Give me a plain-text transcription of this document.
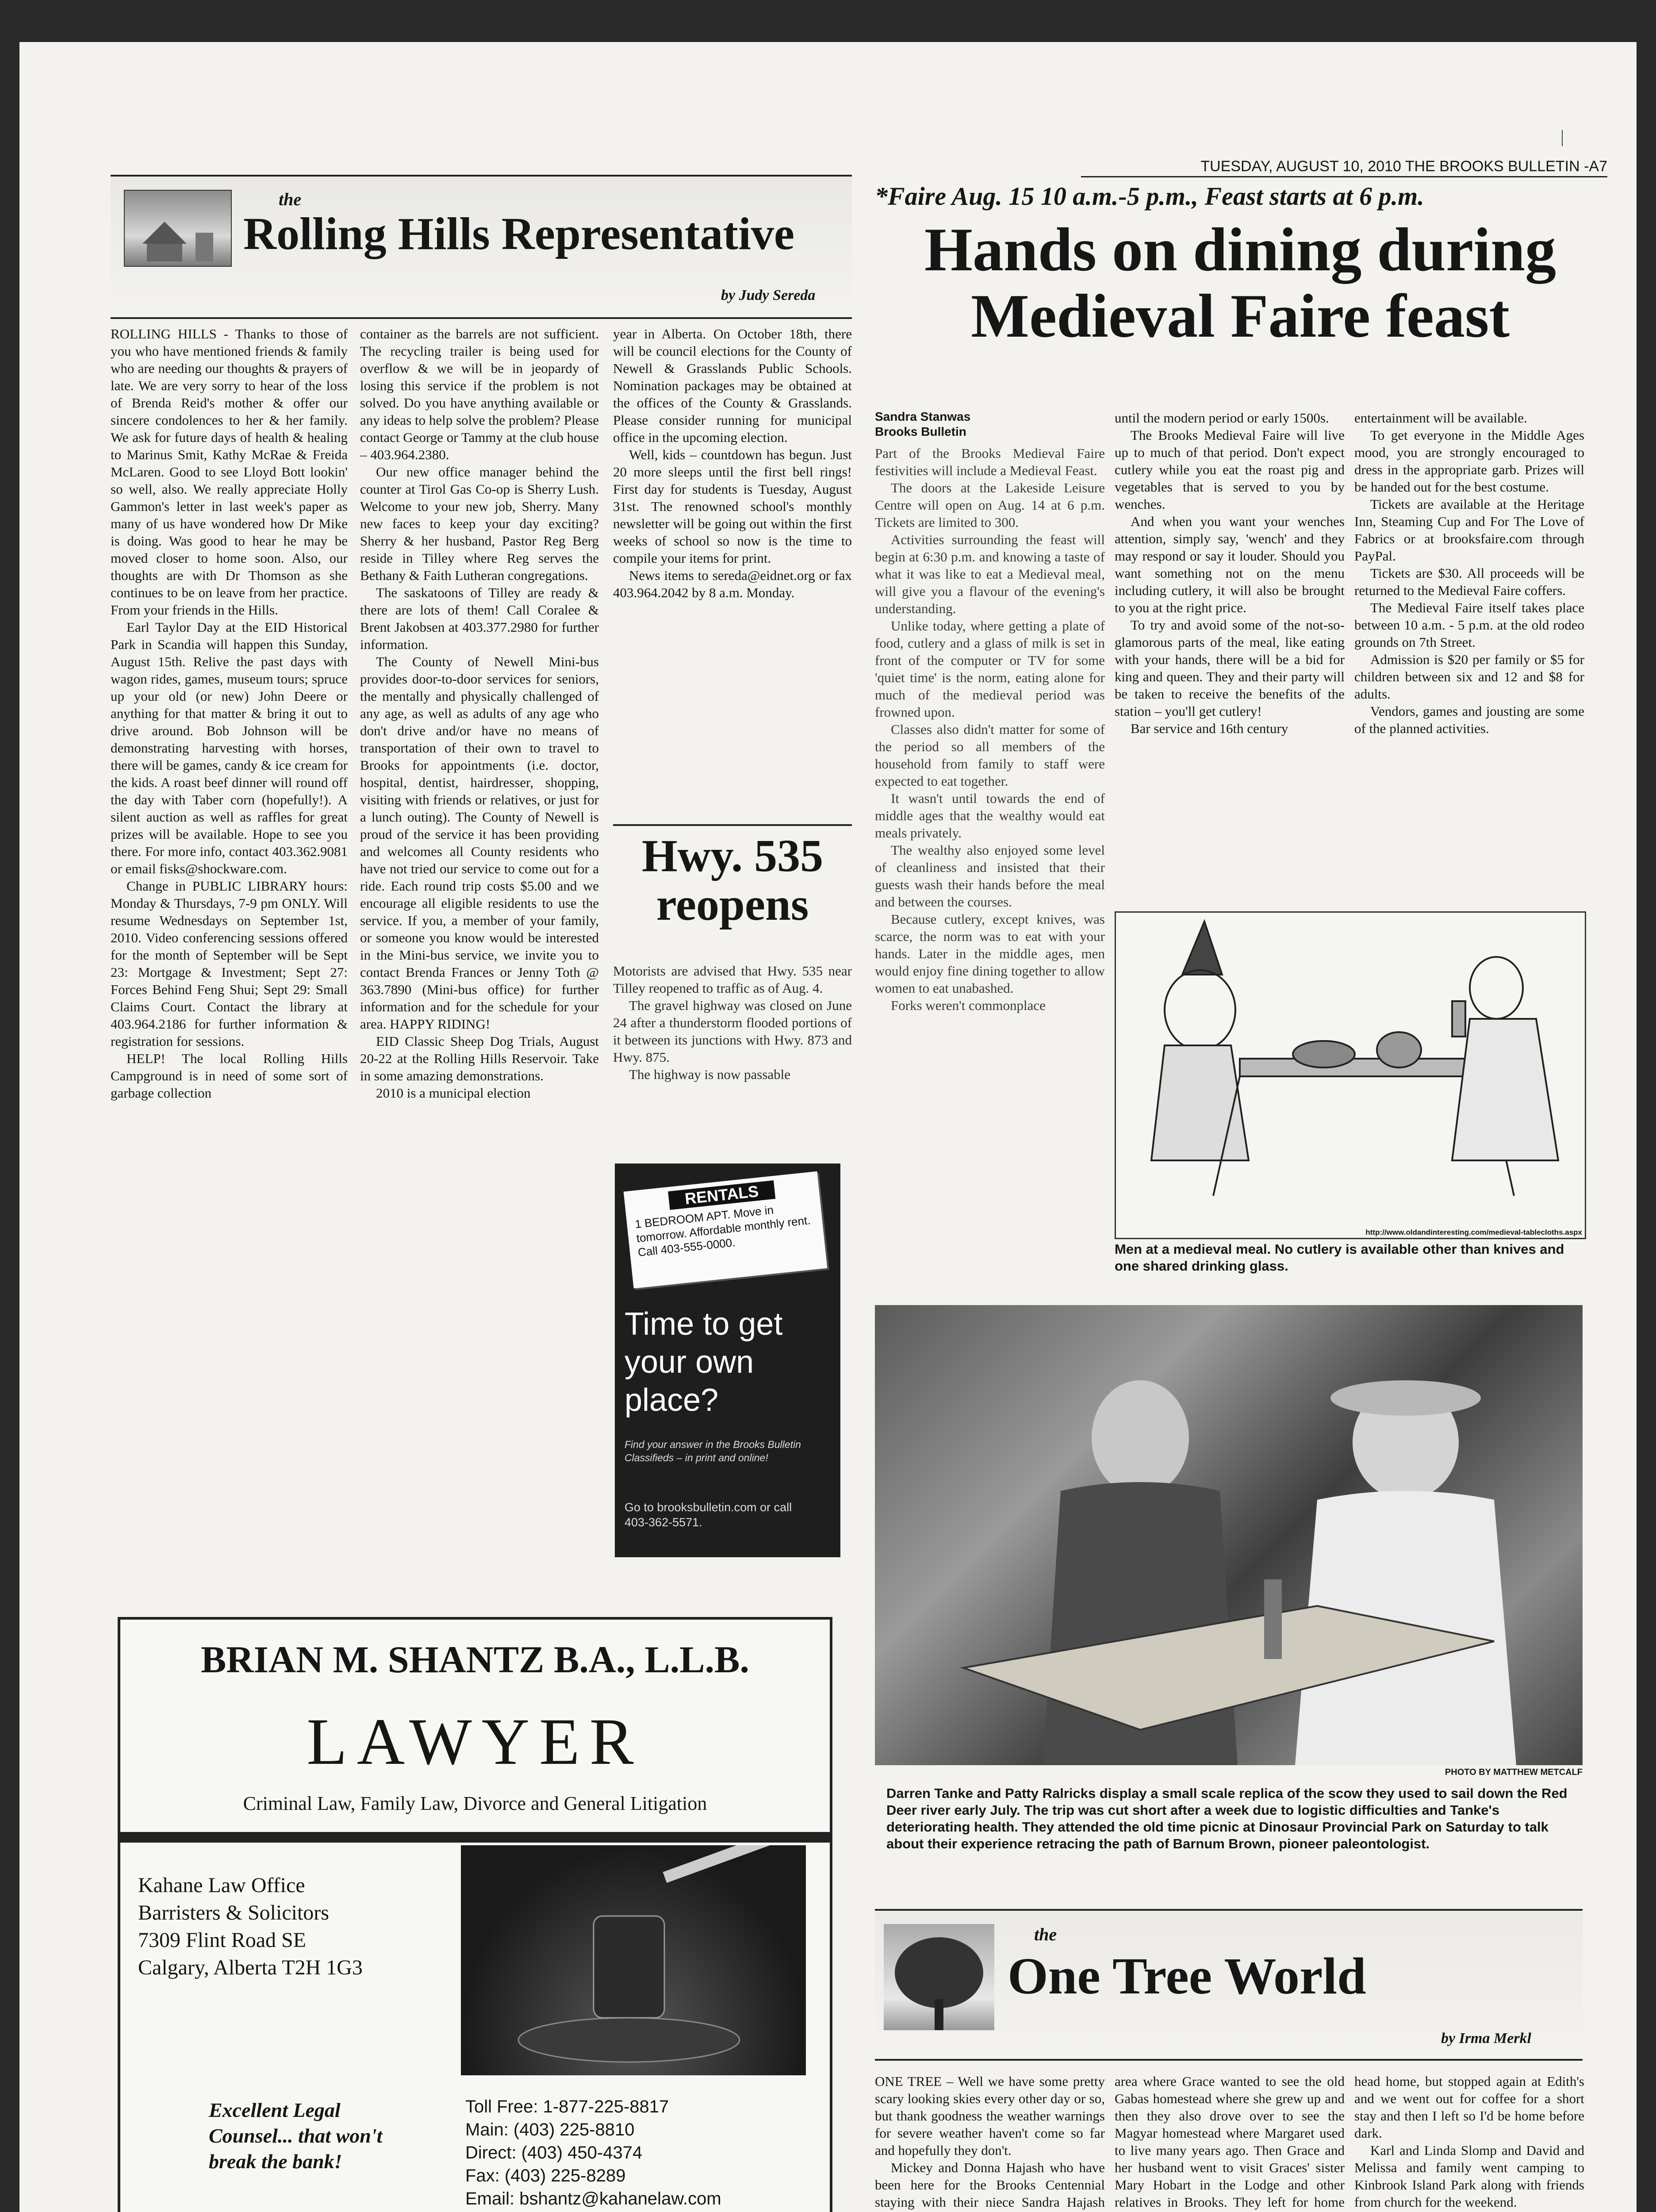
TUESDAY, AUGUST 10, 2010 THE BROOKS BULLETIN -A7
|
the
Rolling Hills Representative
by Judy Sereda

ROLLING HILLS - Thanks to those of you who have mentioned friends & family who are needing our thoughts & prayers of late. We are very sorry to hear of the loss of Brenda Reid's mother & offer our sincere condolences to her & her family. We ask for future days of health & healing to Marinus Smit, Kathy McRae & Freida McLaren. Good to see Lloyd Bott lookin' so well, also. We really appreciate Holly Gammon's letter in last week's paper as many of us have wondered how Dr Mike is doing. Was good to hear he may be moved closer to home soon. Also, our thoughts are with Dr Thomson as she continues to be on leave from her practice. From your friends in the Hills.

Earl Taylor Day at the EID Historical Park in Scandia will happen this Sunday, August 15th. Relive the past days with wagon rides, games, museum tours; spruce up your old (or new) John Deere or anything for that matter & bring it out to drive around. Bob Johnson will be demonstrating harvesting with horses, there will be games, candy & ice cream for the kids. A roast beef dinner will round off the day with Taber corn (hopefully!). A silent auction as well as raffles for great prizes will be available. Hope to see you there. For more info, contact 403.362.9081 or email fisks@shockware.com.

Change in PUBLIC LIBRARY hours: Monday & Thursdays, 7-9 pm ONLY. Will resume Wednesdays on September 1st, 2010. Video conferencing sessions offered for the month of September will be Sept 23: Mortgage & Investment; Sept 27: Forces Behind Feng Shui; Sept 29: Small Claims Court. Contact the library at 403.964.2186 for further information & registration for sessions.

HELP! The local Rolling Hills Campground is in need of some sort of garbage collection

container as the barrels are not sufficient. The recycling trailer is being used for overflow & we will be in jeopardy of losing this service if the problem is not solved. Do you have anything available or any ideas to help solve the problem? Please contact George or Tammy at the club house – 403.964.2380.

Our new office manager behind the counter at Tirol Gas Co-op is Sherry Lush. Welcome to your new job, Sherry. Many new faces to keep your day exciting? Sherry & her husband, Pastor Reg Berg reside in Tilley where Reg serves the Bethany & Faith Lutheran congregations.

The saskatoons of Tilley are ready & there are lots of them! Call Coralee & Brent Jakobsen at 403.377.2980 for further information.

The County of Newell Mini-bus provides door-to-door services for seniors, the mentally and physically challenged of any age, as well as adults of any age who don't drive and/or have no means of transportation of their own to travel to Brooks for appointments (i.e. doctor, hospital, dentist, hairdresser, shopping, visiting with friends or relatives, or just for a lunch outing). The County of Newell is proud of the service it has been providing and welcomes all County residents who have not tried our service to come out for a ride. Each round trip costs $5.00 and we encourage all eligible residents to use the service. If you, a member of your family, or someone you know would be interested in the Mini-bus service, we invite you to contact Brenda Frances or Jenny Toth @ 363.7890 (Mini-bus office) for further information and for the schedule for your area. HAPPY RIDING!

EID Classic Sheep Dog Trials, August 20-22 at the Rolling Hills Reservoir. Take in some amazing demonstrations.

2010 is a municipal election

year in Alberta. On October 18th, there will be council elections for the County of Newell & Grasslands Public Schools. Nomination packages may be obtained at the offices of the County & Grasslands. Please consider running for municipal office in the upcoming election.

Well, kids – countdown has begun. Just 20 more sleeps until the first bell rings! First day for students is Tuesday, August 31st. The renowned school's monthly newsletter will be going out within the first weeks of school so now is the time to compile your items for print.

News items to sereda@eidnet.org or fax 403.964.2042 by 8 a.m. Monday.

Hwy. 535
reopens

Motorists are advised that Hwy. 535 near Tilley reopened to traffic as of Aug. 4.

The gravel highway was closed on June 24 after a thunderstorm flooded portions of it between its junctions with Hwy. 873 and Hwy. 875.

The highway is now passable

RENTALS
1 BEDROOM APT. Move in tomorrow. Affordable monthly rent. Call 403-555-0000.
Time to get your own place?
Find your answer in the Brooks Bulletin Classifieds – in print and online!
Go to brooksbulletin.com or call 403-362-5571.
*Faire Aug. 15 10 a.m.-5 p.m., Feast starts at 6 p.m.
Hands on dining during
Medieval Faire feast
Sandra Stanwas
Brooks Bulletin

Part of the Brooks Medieval Faire festivities will include a Medieval Feast.

The doors at the Lakeside Leisure Centre will open on Aug. 14 at 6 p.m. Tickets are limited to 300.

Activities surrounding the feast will begin at 6:30 p.m. and knowing a taste of what it was like to eat a Medieval meal, will give you a flavour of the evening's understanding.

Unlike today, where getting a plate of food, cutlery and a glass of milk is set in front of the computer or TV for some 'quiet time' is the norm, eating alone for much of the medieval period was frowned upon.

Classes also didn't matter for some of the period so all members of the household from family to staff were expected to eat together.

It wasn't until towards the end of middle ages that the wealthy would eat meals privately.

The wealthy also enjoyed some level of cleanliness and insisted that their guests wash their hands before the meal and between the courses.

Because cutlery, except knives, was scarce, the norm was to eat with your hands. Later in the middle ages, men would enjoy fine dining together to allow women to eat unabashed.

Forks weren't commonplace

until the modern period or early 1500s.

The Brooks Medieval Faire will live up to much of that period. Don't expect cutlery while you eat the roast pig and vegetables that is served to you by wenches.

And when you want your wenches attention, simply say, 'wench' and they may respond or say it louder. Should you want something not on the menu including cutlery, it will also be brought to you at the right price.

To try and avoid some of the not-so-glamorous parts of the meal, like eating with your hands, there will be a bid for king and queen. They and their party will be taken to receive the benefits of the station – you'll get cutlery!

Bar service and 16th century

entertainment will be available.

To get everyone in the Middle Ages mood, you are strongly encouraged to dress in the appropriate garb. Prizes will be handed out for the best costume.

Tickets are available at the Heritage Inn, Steaming Cup and For The Love of Fabrics or at brooksfaire.com through PayPal.

Tickets are $30. All proceeds will be returned to the Medieval Faire coffers.

The Medieval Faire itself takes place between 10 a.m. - 5 p.m. at the old rodeo grounds on 7th Street.

Admission is $20 per family or $5 for children between six and 12 and $8 for adults.

Vendors, games and jousting are some of the planned activities.

http://www.oldandinteresting.com/medieval-tablecloths.aspx
Men at a medieval meal. No cutlery is available other than knives and one shared drinking glass.
PHOTO BY MATTHEW METCALF
Darren Tanke and Patty Ralricks display a small scale replica of the scow they used to sail down the Red Deer river early July. The trip was cut short after a week due to logistic difficulties and Tanke's deteriorating health. They attended the old time picnic at Dinosaur Provincial Park on Saturday to talk about their experience retracing the path of Barnum Brown, pioneer paleontologist.
the
One Tree World
by Irma Merkl

ONE TREE – Well we have some pretty scary looking skies every other day or so, but thank goodness the weather warnings for severe weather haven't come so far and hopefully they don't.

Mickey and Donna Hajash who have been here for the Brooks Centennial staying with their niece Sandra Hajash

area where Grace wanted to see the old Gabas homestead where she grew up and then they also drove over to see the Magyar homestead where Margaret used to live many years ago. Then Grace and her husband went to visit Graces' sister Mary Hobart in the Lodge and other relatives in Brooks. They left for home

head home, but stopped again at Edith's and we went out for coffee for a short stay and then I left so I'd be home before dark.

Karl and Linda Slomp and David and Melissa and family went camping to Kinbrook Island Park along with friends from church for the weekend.

BRIAN M. SHANTZ B.A., L.L.B.
LAWYER
Criminal Law, Family Law, Divorce and General Litigation
Kahane Law Office
Barristers & Solicitors
7309 Flint Road SE
Calgary, Alberta T2H 1G3
Excellent Legal Counsel... that won't break the bank!
Toll Free: 1-877-225-8817
Main: (403) 225-8810
Direct: (403) 450-4374
Fax: (403) 225-8289
Email: bshantz@kahanelaw.com
